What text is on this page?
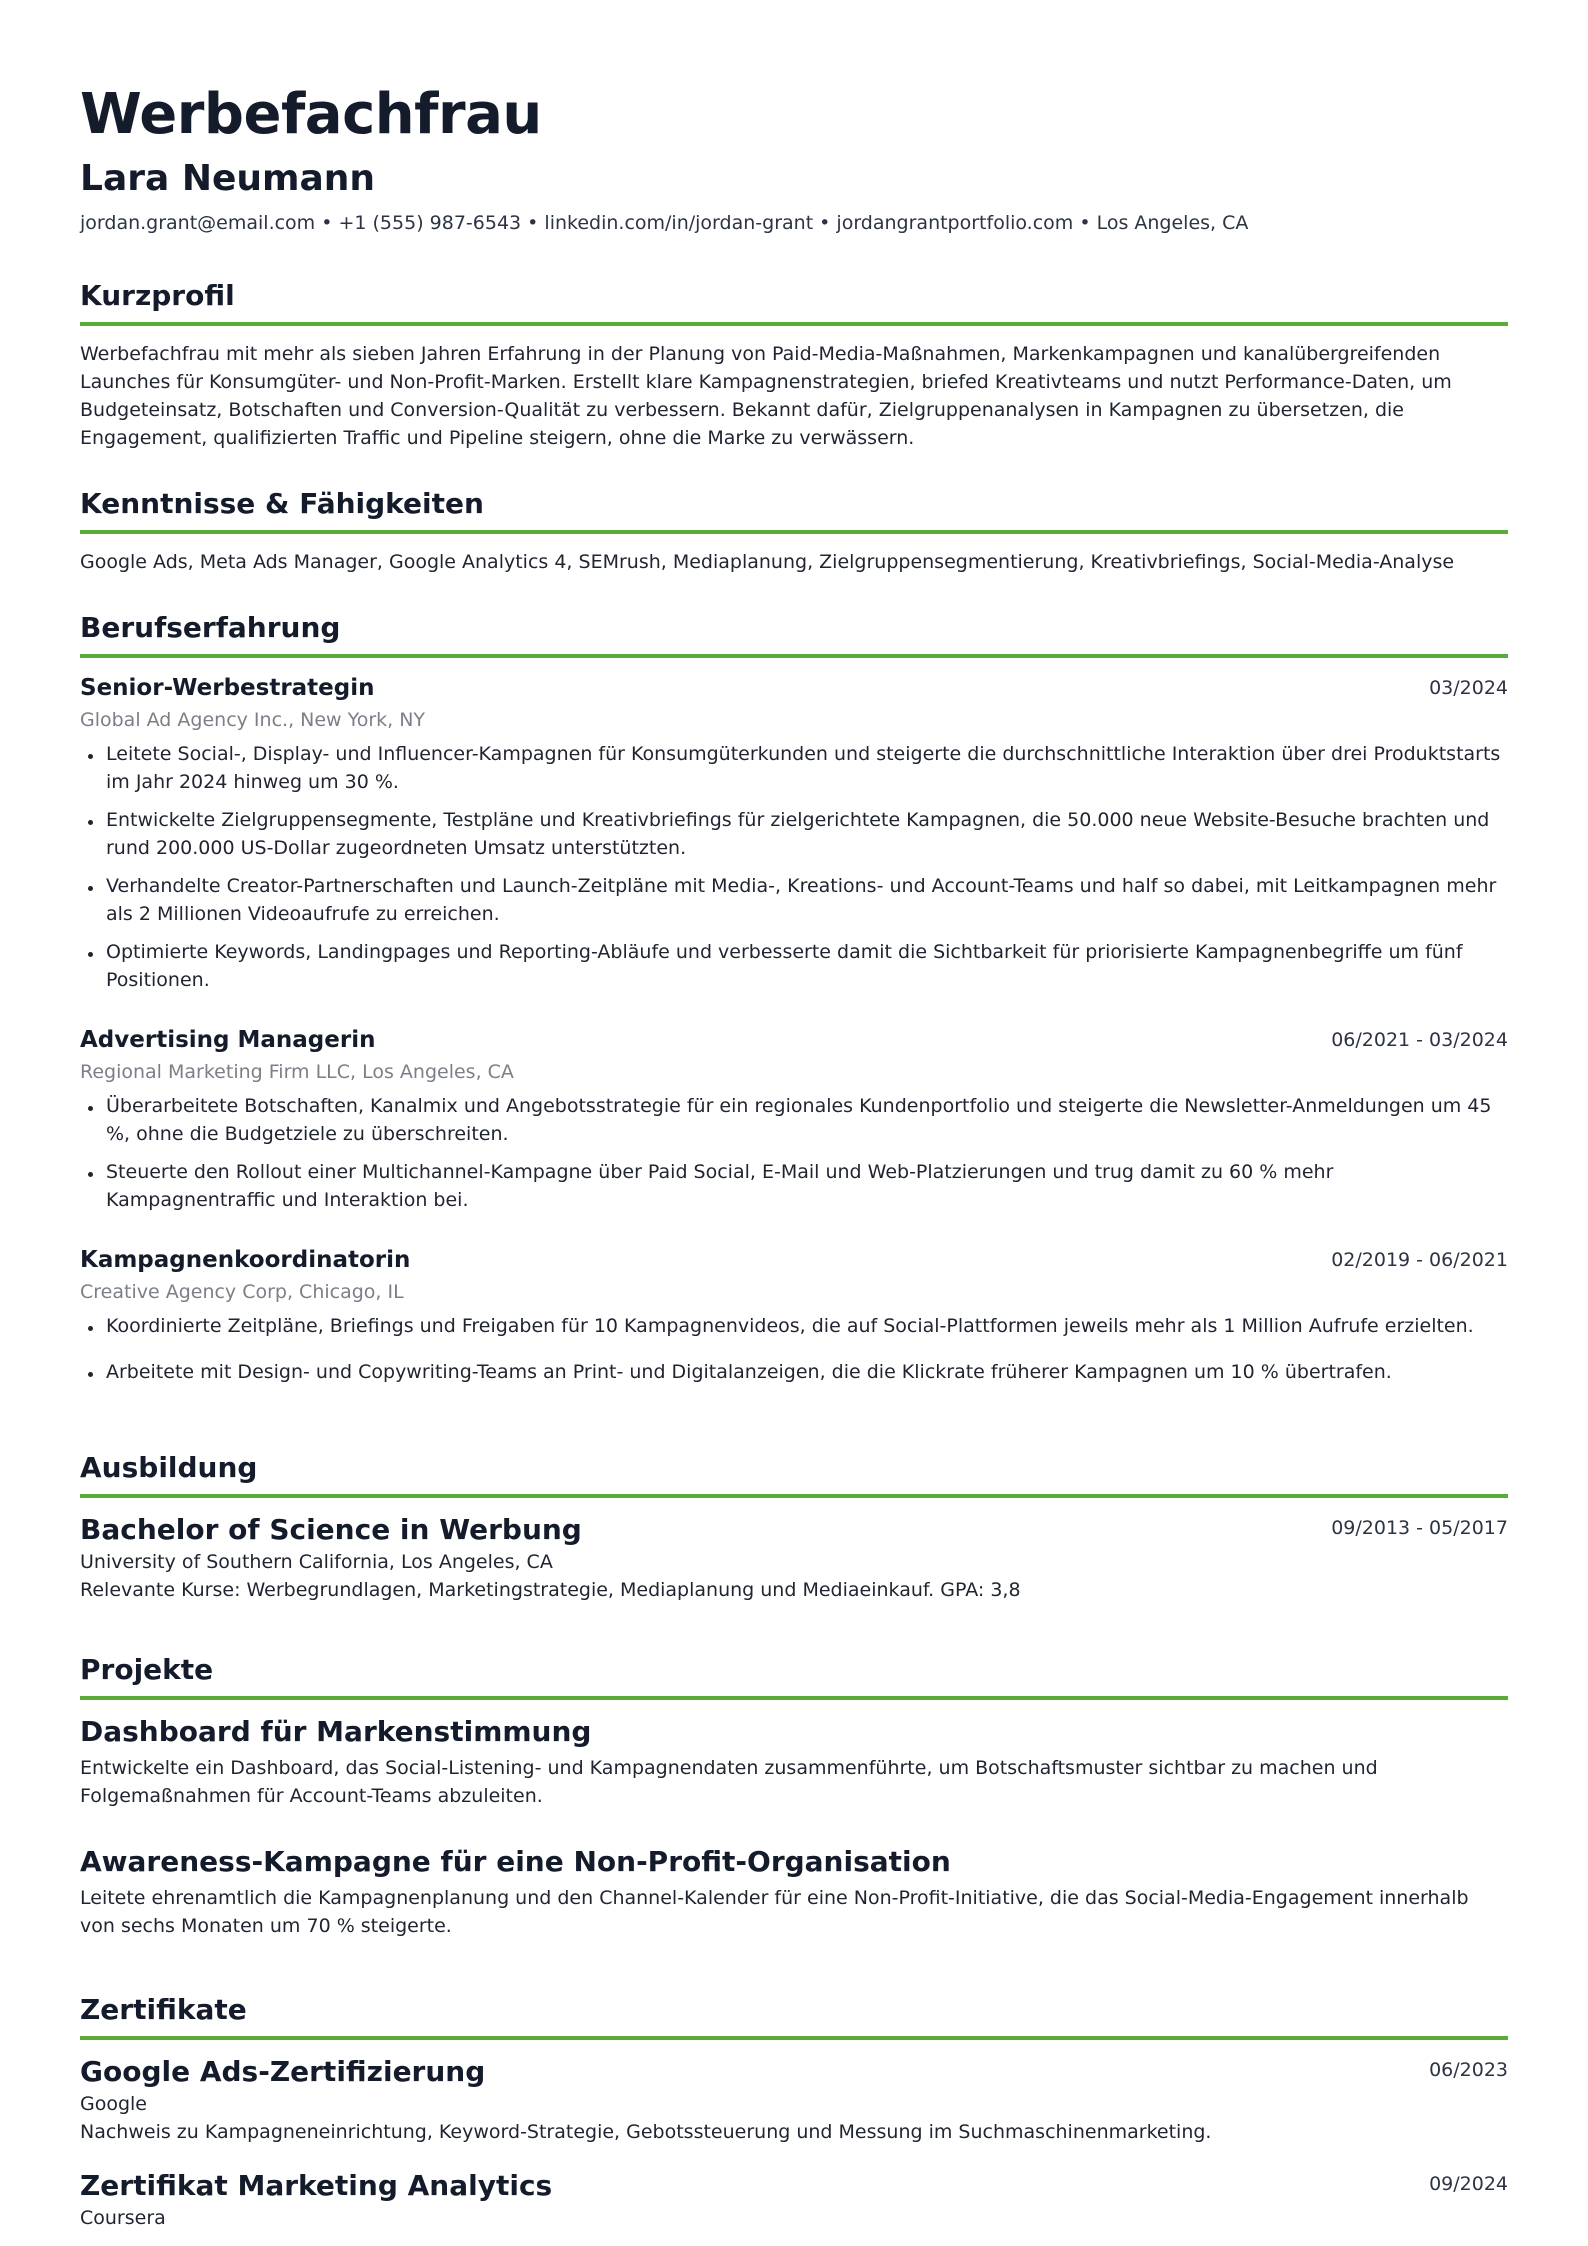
Werbefachfrau
Lara Neumann
jordan.grant@email.com • +1 (555) 987-6543 • linkedin.com/in/jordan-grant • jordangrantportfolio.com • Los Angeles, CA
Kurzprofil

Werbefachfrau mit mehr als sieben Jahren Erfahrung in der Planung von Paid-Media-Maßnahmen, Markenkampagnen und kanalübergreifenden Launches für Konsumgüter- und Non-Profit-Marken. Erstellt klare Kampagnenstrategien, briefed Kreativteams und nutzt Performance-Daten, um Budgeteinsatz, Botschaften und Conversion-Qualität zu verbessern. Bekannt dafür, Zielgruppenanalysen in Kampagnen zu übersetzen, die Engagement, qualifizierten Traffic und Pipeline steigern, ohne die Marke zu verwässern.

Kenntnisse & Fähigkeiten

Google Ads, Meta Ads Manager, Google Analytics 4, SEMrush, Mediaplanung, Zielgruppensegmentierung, Kreativbriefings, Social-Media-Analyse

Berufserfahrung
Senior-Werbestrategin	03/2024
Global Ad Agency Inc., New York, NY
Leitete Social-, Display- und Influencer-Kampagnen für Konsumgüterkunden und steigerte die durchschnittliche Interaktion über drei Produktstarts im Jahr 2024 hinweg um 30 %.
Entwickelte Zielgruppensegmente, Testpläne und Kreativbriefings für zielgerichtete Kampagnen, die 50.000 neue Website-Besuche brachten und rund 200.000 US-Dollar zugeordneten Umsatz unterstützten.
Verhandelte Creator-Partnerschaften und Launch-Zeitpläne mit Media-, Kreations- und Account-Teams und half so dabei, mit Leitkampagnen mehr als 2 Millionen Videoaufrufe zu erreichen.
Optimierte Keywords, Landingpages und Reporting-Abläufe und verbesserte damit die Sichtbarkeit für priorisierte Kampagnenbegriffe um fünf Positionen.
Advertising Managerin	06/2021 - 03/2024
Regional Marketing Firm LLC, Los Angeles, CA
Überarbeitete Botschaften, Kanalmix und Angebotsstrategie für ein regionales Kundenportfolio und steigerte die Newsletter-Anmeldungen um 45 %, ohne die Budgetziele zu überschreiten.
Steuerte den Rollout einer Multichannel-Kampagne über Paid Social, E-Mail und Web-Platzierungen und trug damit zu 60 % mehr Kampagnentraffic und Interaktion bei.
Kampagnenkoordinatorin	02/2019 - 06/2021
Creative Agency Corp, Chicago, IL
Koordinierte Zeitpläne, Briefings und Freigaben für 10 Kampagnenvideos, die auf Social-Plattformen jeweils mehr als 1 Million Aufrufe erzielten.
Arbeitete mit Design- und Copywriting-Teams an Print- und Digitalanzeigen, die die Klickrate früherer Kampagnen um 10 % übertrafen.
Ausbildung
Bachelor of Science in Werbung	09/2013 - 05/2017
University of Southern California, Los Angeles, CA
Relevante Kurse: Werbegrundlagen, Marketingstrategie, Mediaplanung und Mediaeinkauf. GPA: 3,8
Projekte
Dashboard für Markenstimmung
Entwickelte ein Dashboard, das Social-Listening- und Kampagnendaten zusammenführte, um Botschaftsmuster sichtbar zu machen und Folgemaßnahmen für Account-Teams abzuleiten.
Awareness-Kampagne für eine Non-Profit-Organisation
Leitete ehrenamtlich die Kampagnenplanung und den Channel-Kalender für eine Non-Profit-Initiative, die das Social-Media-Engagement innerhalb von sechs Monaten um 70 % steigerte.
Zertifikate
Google Ads-Zertifizierung	06/2023
Google
Nachweis zu Kampagneneinrichtung, Keyword-Strategie, Gebotssteuerung und Messung im Suchmaschinenmarketing.
Zertifikat Marketing Analytics	09/2024
Coursera
